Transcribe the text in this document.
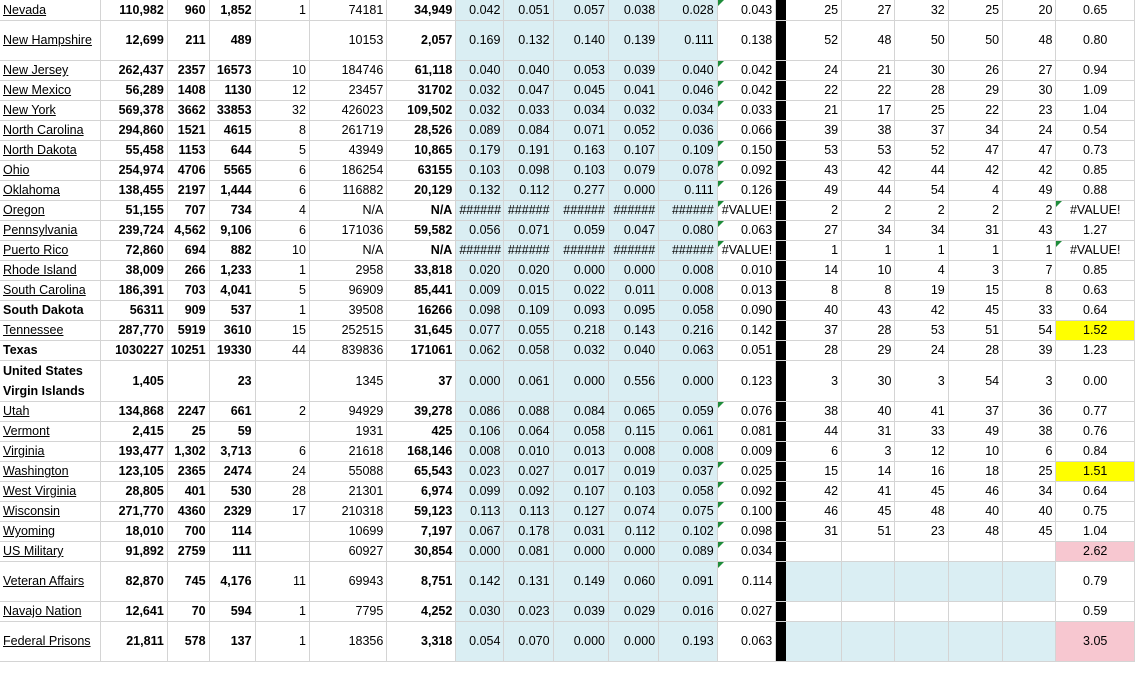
Nevada	110,982	960	1,852	1	74181	34,949	0.042	0.051	0.057	0.038	0.028	0.043		25	27	32	25	20	0.65
New Hampshire	12,699	211	489		10153	2,057	0.169	0.132	0.140	0.139	0.111	0.138		52	48	50	50	48	0.80
New Jersey	262,437	2357	16573	10	184746	61,118	0.040	0.040	0.053	0.039	0.040	0.042		24	21	30	26	27	0.94
New Mexico	56,289	1408	1130	12	23457	31702	0.032	0.047	0.045	0.041	0.046	0.042		22	22	28	29	30	1.09
New York	569,378	3662	33853	32	426023	109,502	0.032	0.033	0.034	0.032	0.034	0.033		21	17	25	22	23	1.04
North Carolina	294,860	1521	4615	8	261719	28,526	0.089	0.084	0.071	0.052	0.036	0.066		39	38	37	34	24	0.54
North Dakota	55,458	1153	644	5	43949	10,865	0.179	0.191	0.163	0.107	0.109	0.150		53	53	52	47	47	0.73
Ohio	254,974	4706	5565	6	186254	63155	0.103	0.098	0.103	0.079	0.078	0.092		43	42	44	42	42	0.85
Oklahoma	138,455	2197	1,444	6	116882	20,129	0.132	0.112	0.277	0.000	0.111	0.126		49	44	54	4	49	0.88
Oregon	51,155	707	734	4	N/A	N/A	######	######	######	######	######	#VALUE!		2	2	2	2	2	#VALUE!
Pennsylvania	239,724	4,562	9,106	6	171036	59,582	0.056	0.071	0.059	0.047	0.080	0.063		27	34	34	31	43	1.27
Puerto Rico	72,860	694	882	10	N/A	N/A	######	######	######	######	######	#VALUE!		1	1	1	1	1	#VALUE!
Rhode Island	38,009	266	1,233	1	2958	33,818	0.020	0.020	0.000	0.000	0.008	0.010		14	10	4	3	7	0.85
South Carolina	186,391	703	4,041	5	96909	85,441	0.009	0.015	0.022	0.011	0.008	0.013		8	8	19	15	8	0.63
South Dakota	56311	909	537	1	39508	16266	0.098	0.109	0.093	0.095	0.058	0.090		40	43	42	45	33	0.64
Tennessee	287,770	5919	3610	15	252515	31,645	0.077	0.055	0.218	0.143	0.216	0.142		37	28	53	51	54	1.52
Texas	1030227	10251	19330	44	839836	171061	0.062	0.058	0.032	0.040	0.063	0.051		28	29	24	28	39	1.23
United States Virgin Islands	1,405		23		1345	37	0.000	0.061	0.000	0.556	0.000	0.123		3	30	3	54	3	0.00
Utah	134,868	2247	661	2	94929	39,278	0.086	0.088	0.084	0.065	0.059	0.076		38	40	41	37	36	0.77
Vermont	2,415	25	59		1931	425	0.106	0.064	0.058	0.115	0.061	0.081		44	31	33	49	38	0.76
Virginia	193,477	1,302	3,713	6	21618	168,146	0.008	0.010	0.013	0.008	0.008	0.009		6	3	12	10	6	0.84
Washington	123,105	2365	2474	24	55088	65,543	0.023	0.027	0.017	0.019	0.037	0.025		15	14	16	18	25	1.51
West Virginia	28,805	401	530	28	21301	6,974	0.099	0.092	0.107	0.103	0.058	0.092		42	41	45	46	34	0.64
Wisconsin	271,770	4360	2329	17	210318	59,123	0.113	0.113	0.127	0.074	0.075	0.100		46	45	48	40	40	0.75
Wyoming	18,010	700	114		10699	7,197	0.067	0.178	0.031	0.112	0.102	0.098		31	51	23	48	45	1.04
US Military	91,892	2759	111		60927	30,854	0.000	0.081	0.000	0.000	0.089	0.034							2.62
Veteran Affairs	82,870	745	4,176	11	69943	8,751	0.142	0.131	0.149	0.060	0.091	0.114							0.79
Navajo Nation	12,641	70	594	1	7795	4,252	0.030	0.023	0.039	0.029	0.016	0.027							0.59
Federal Prisons	21,811	578	137	1	18356	3,318	0.054	0.070	0.000	0.000	0.193	0.063							3.05
